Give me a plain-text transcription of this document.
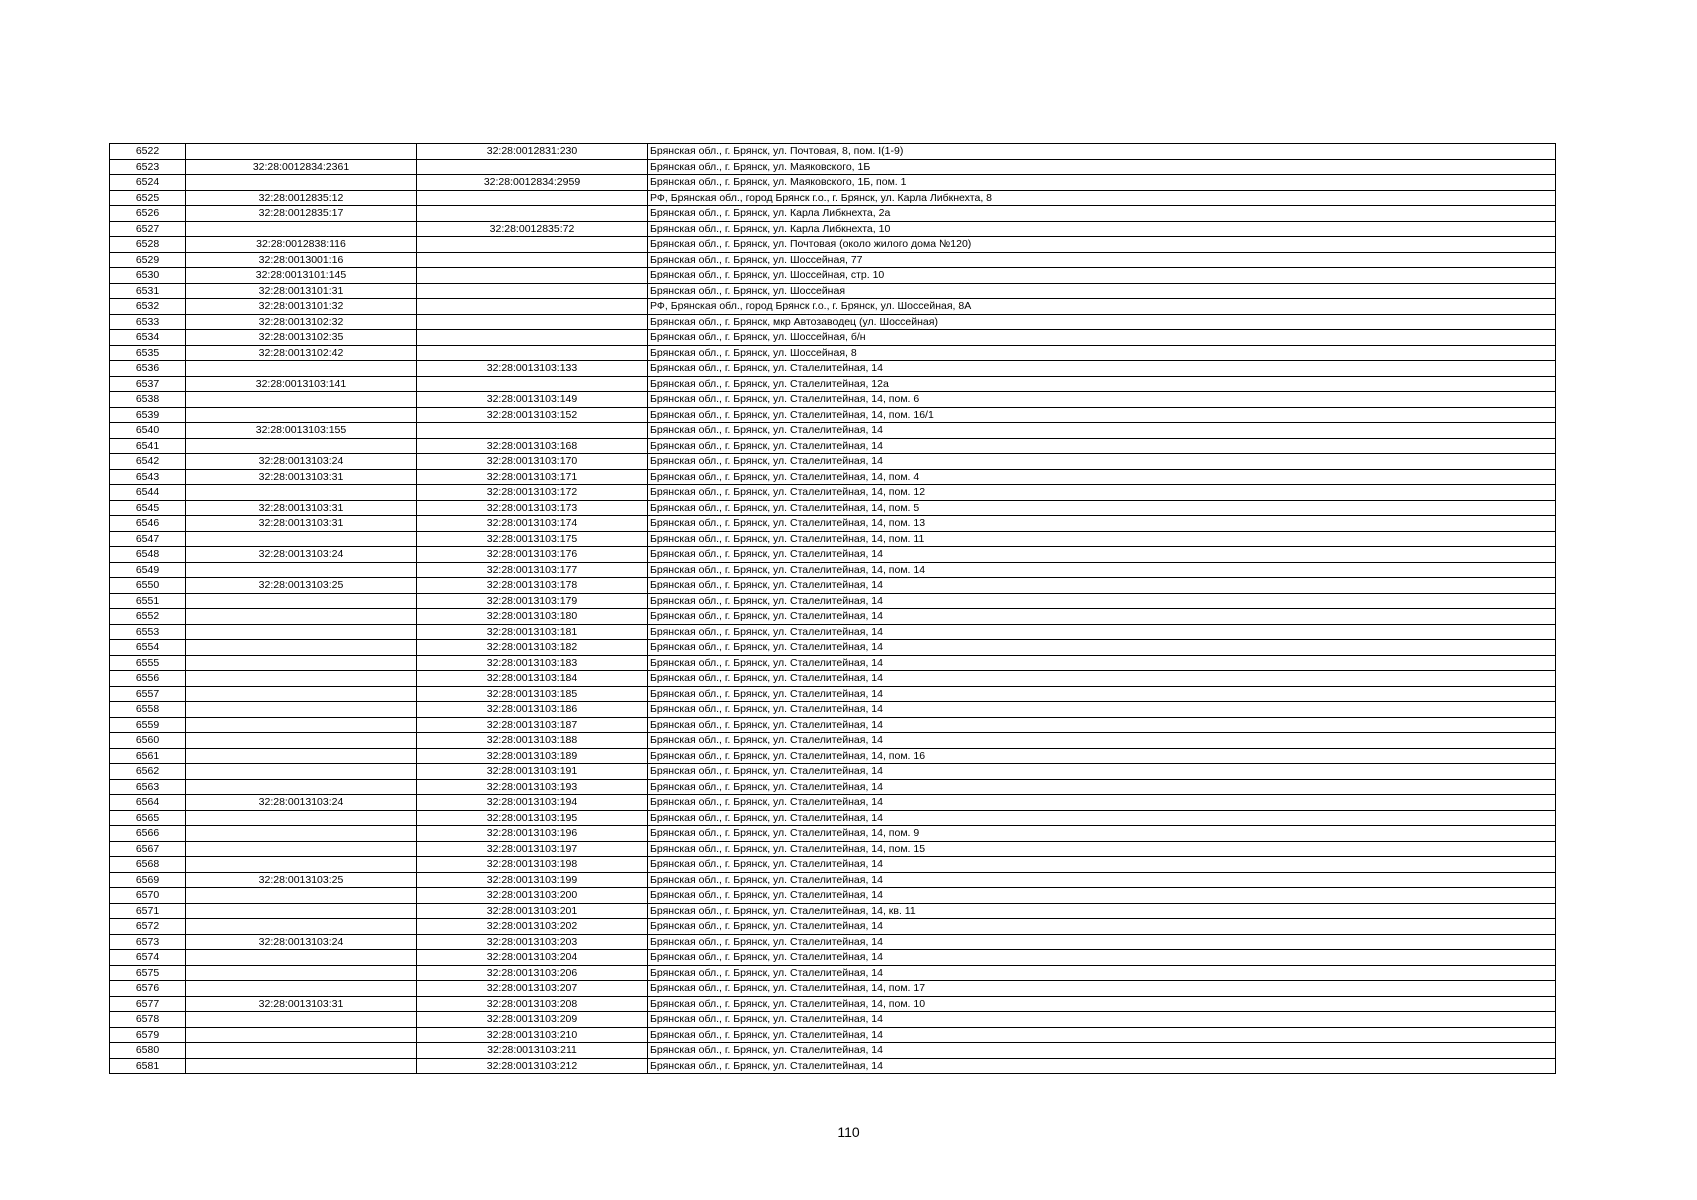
6522		32:28:0012831:230	Брянская обл., г. Брянск, ул. Почтовая, 8, пом. I(1-9)
6523	32:28:0012834:2361		Брянская обл., г. Брянск, ул. Маяковского, 1Б
6524		32:28:0012834:2959	Брянская обл., г. Брянск, ул. Маяковского, 1Б, пом. 1
6525	32:28:0012835:12		РФ, Брянская обл., город Брянск г.о., г. Брянск, ул. Карла Либкнехта, 8
6526	32:28:0012835:17		Брянская обл., г. Брянск, ул. Карла Либкнехта, 2а
6527		32:28:0012835:72	Брянская обл., г. Брянск, ул. Карла Либкнехта, 10
6528	32:28:0012838:116		Брянская обл., г. Брянск, ул. Почтовая (около жилого дома №120)
6529	32:28:0013001:16		Брянская обл., г. Брянск, ул. Шоссейная, 77
6530	32:28:0013101:145		Брянская обл., г. Брянск, ул. Шоссейная, стр. 10
6531	32:28:0013101:31		Брянская обл., г. Брянск, ул. Шоссейная
6532	32:28:0013101:32		РФ, Брянская обл., город Брянск г.о., г. Брянск, ул. Шоссейная, 8А
6533	32:28:0013102:32		Брянская обл., г. Брянск, мкр Автозаводец (ул. Шоссейная)
6534	32:28:0013102:35		Брянская обл., г. Брянск, ул. Шоссейная, б/н
6535	32:28:0013102:42		Брянская обл., г. Брянск, ул. Шоссейная, 8
6536		32:28:0013103:133	Брянская обл., г. Брянск, ул. Сталелитейная, 14
6537	32:28:0013103:141		Брянская обл., г. Брянск, ул. Сталелитейная, 12а
6538		32:28:0013103:149	Брянская обл., г. Брянск, ул. Сталелитейная, 14, пом. 6
6539		32:28:0013103:152	Брянская обл., г. Брянск, ул. Сталелитейная, 14, пом. 16/1
6540	32:28:0013103:155		Брянская обл., г. Брянск, ул. Сталелитейная, 14
6541		32:28:0013103:168	Брянская обл., г. Брянск, ул. Сталелитейная, 14
6542	32:28:0013103:24	32:28:0013103:170	Брянская обл., г. Брянск, ул. Сталелитейная, 14
6543	32:28:0013103:31	32:28:0013103:171	Брянская обл., г. Брянск, ул. Сталелитейная, 14, пом. 4
6544		32:28:0013103:172	Брянская обл., г. Брянск, ул. Сталелитейная, 14, пом. 12
6545	32:28:0013103:31	32:28:0013103:173	Брянская обл., г. Брянск, ул. Сталелитейная, 14, пом. 5
6546	32:28:0013103:31	32:28:0013103:174	Брянская обл., г. Брянск, ул. Сталелитейная, 14, пом. 13
6547		32:28:0013103:175	Брянская обл., г. Брянск, ул. Сталелитейная, 14, пом. 11
6548	32:28:0013103:24	32:28:0013103:176	Брянская обл., г. Брянск, ул. Сталелитейная, 14
6549		32:28:0013103:177	Брянская обл., г. Брянск, ул. Сталелитейная, 14, пом. 14
6550	32:28:0013103:25	32:28:0013103:178	Брянская обл., г. Брянск, ул. Сталелитейная, 14
6551		32:28:0013103:179	Брянская обл., г. Брянск, ул. Сталелитейная, 14
6552		32:28:0013103:180	Брянская обл., г. Брянск, ул. Сталелитейная, 14
6553		32:28:0013103:181	Брянская обл., г. Брянск, ул. Сталелитейная, 14
6554		32:28:0013103:182	Брянская обл., г. Брянск, ул. Сталелитейная, 14
6555		32:28:0013103:183	Брянская обл., г. Брянск, ул. Сталелитейная, 14
6556		32:28:0013103:184	Брянская обл., г. Брянск, ул. Сталелитейная, 14
6557		32:28:0013103:185	Брянская обл., г. Брянск, ул. Сталелитейная, 14
6558		32:28:0013103:186	Брянская обл., г. Брянск, ул. Сталелитейная, 14
6559		32:28:0013103:187	Брянская обл., г. Брянск, ул. Сталелитейная, 14
6560		32:28:0013103:188	Брянская обл., г. Брянск, ул. Сталелитейная, 14
6561		32:28:0013103:189	Брянская обл., г. Брянск, ул. Сталелитейная, 14, пом. 16
6562		32:28:0013103:191	Брянская обл., г. Брянск, ул. Сталелитейная, 14
6563		32:28:0013103:193	Брянская обл., г. Брянск, ул. Сталелитейная, 14
6564	32:28:0013103:24	32:28:0013103:194	Брянская обл., г. Брянск, ул. Сталелитейная, 14
6565		32:28:0013103:195	Брянская обл., г. Брянск, ул. Сталелитейная, 14
6566		32:28:0013103:196	Брянская обл., г. Брянск, ул. Сталелитейная, 14, пом. 9
6567		32:28:0013103:197	Брянская обл., г. Брянск, ул. Сталелитейная, 14, пом. 15
6568		32:28:0013103:198	Брянская обл., г. Брянск, ул. Сталелитейная, 14
6569	32:28:0013103:25	32:28:0013103:199	Брянская обл., г. Брянск, ул. Сталелитейная, 14
6570		32:28:0013103:200	Брянская обл., г. Брянск, ул. Сталелитейная, 14
6571		32:28:0013103:201	Брянская обл., г. Брянск, ул. Сталелитейная, 14, кв. 11
6572		32:28:0013103:202	Брянская обл., г. Брянск, ул. Сталелитейная, 14
6573	32:28:0013103:24	32:28:0013103:203	Брянская обл., г. Брянск, ул. Сталелитейная, 14
6574		32:28:0013103:204	Брянская обл., г. Брянск, ул. Сталелитейная, 14
6575		32:28:0013103:206	Брянская обл., г. Брянск, ул. Сталелитейная, 14
6576		32:28:0013103:207	Брянская обл., г. Брянск, ул. Сталелитейная, 14, пом. 17
6577	32:28:0013103:31	32:28:0013103:208	Брянская обл., г. Брянск, ул. Сталелитейная, 14, пом. 10
6578		32:28:0013103:209	Брянская обл., г. Брянск, ул. Сталелитейная, 14
6579		32:28:0013103:210	Брянская обл., г. Брянск, ул. Сталелитейная, 14
6580		32:28:0013103:211	Брянская обл., г. Брянск, ул. Сталелитейная, 14
6581		32:28:0013103:212	Брянская обл., г. Брянск, ул. Сталелитейная, 14
110
